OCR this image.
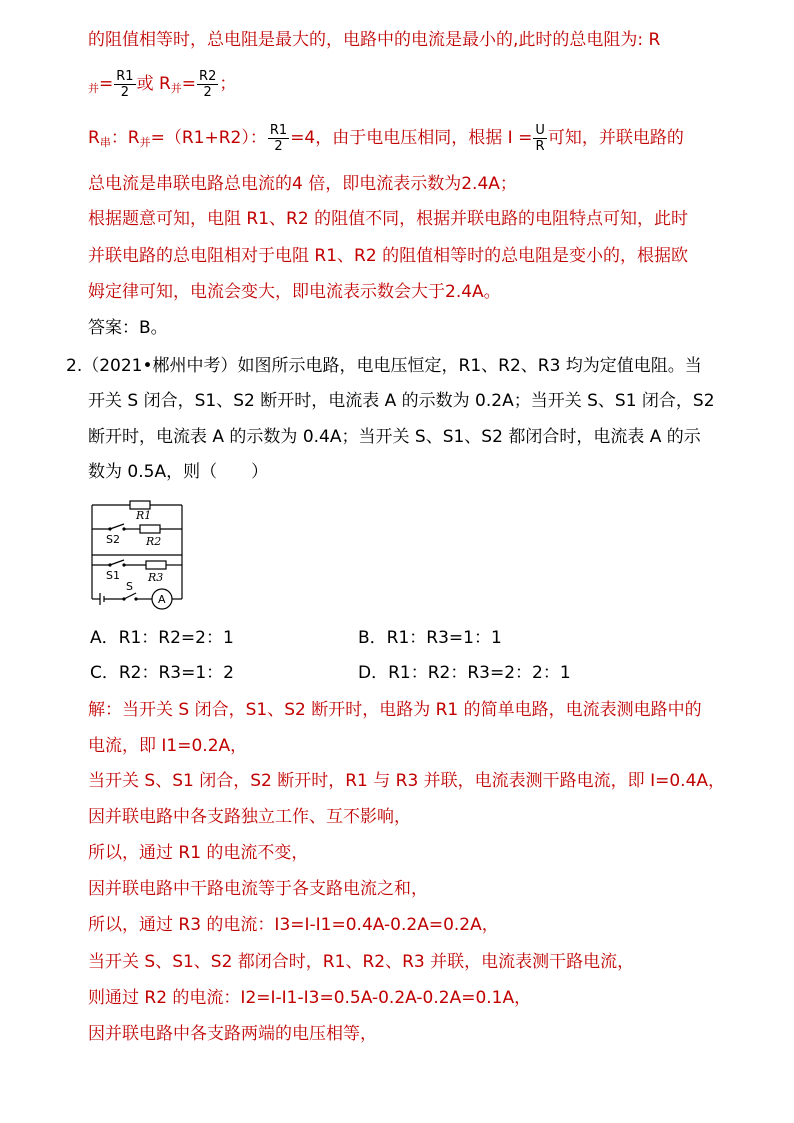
的阻值相等时，总电阻是最大的，电路中的电流是最小的,此时的总电阻为: R
$_并= \frac{R1}{2}$ 或 $R_并= \frac{R2}{2}$ ；
$R_串$：$R_并=(R1+R2)$： $\frac{R1}{2} =4$，由于电电压相同，根据 $I = \frac{U}{R}$ 可知，并联电路的
总电流是串联电路总电流的4 倍，即电流表示数为2.4A；
根据题意可知，电阻 R1、R2 的阻值不同，根据并联电路的电阻特点可知，此时
并联电路的总电阻相对于电阻 R1、R2 的阻值相等时的总电阻是变小的，根据欧
姆定律可知，电流会变大，即电流表示数会大于2.4A。
答案：B。
2.（2021•郴州中考）如图所示电路，电电压恒定，R1、R2、R3 均为定值电阻。当
开关 S 闭合，S1、S2 断开时，电流表 A 的示数为 0.2A；当开关 S、S1 闭合，S2
断开时，电流表 A 的示数为 0.4A；当开关 S、S1、S2 都闭合时，电流表 A 的示
数为 0.5A，则（　　）
R1
R2
R3
S2
S1
S
A
A．R1：R2=2：1	B．R1：R3=1：1
C．R2：R3=1：2	D．R1：R2：R3=2：2：1
解：当开关 S 闭合，S1、S2 断开时，电路为 R1 的简单电路，电流表测电路中的
电流，即 I1=0.2A，
当开关 S、S1 闭合，S2 断开时，R1 与 R3 并联，电流表测干路电流，即 I=0.4A，
因并联电路中各支路独立工作、互不影响，
所以，通过 R1 的电流不变，
因并联电路中干路电流等于各支路电流之和，
所以，通过 R3 的电流：I3=I-I1=0.4A-0.2A=0.2A，
当开关 S、S1、S2 都闭合时，R1、R2、R3 并联，电流表测干路电流，
则通过 R2 的电流：I2=I-I1-I3=0.5A-0.2A-0.2A=0.1A，
因并联电路中各支路两端的电压相等，
